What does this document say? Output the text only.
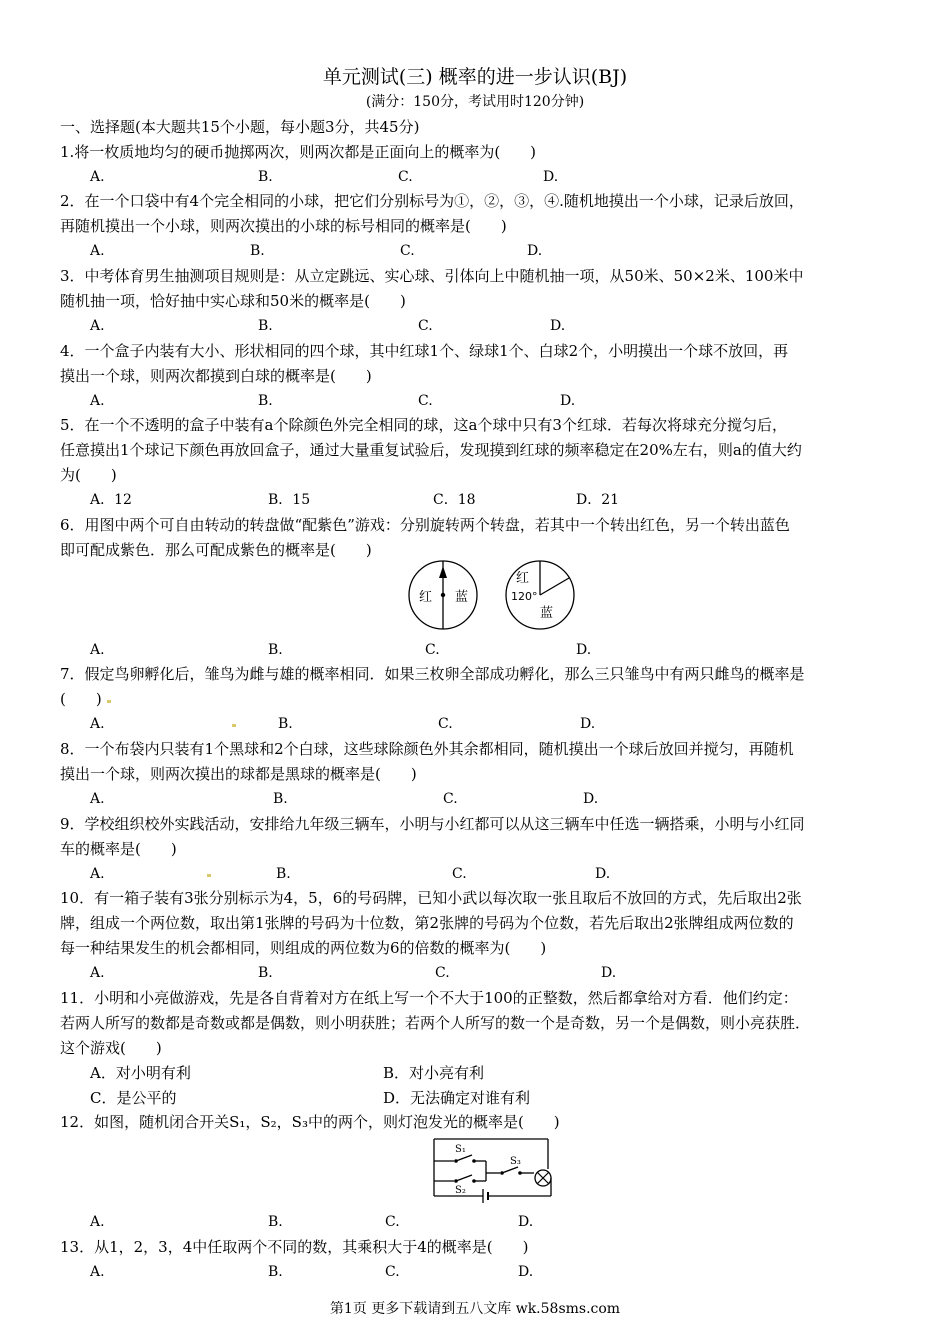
单元测试(三) 概率的进一步认识(BJ)
(满分：150分，考试用时120分钟)
一、选择题(本大题共15个小题，每小题3分，共45分)
1.将一枚质地均匀的硬币抛掷两次，则两次都是正面向上的概率为(　　)
A.	B.	C.	D.
2．在一个口袋中有4个完全相同的小球，把它们分别标号为①，②，③，④.随机地摸出一个小球，记录后放回，
再随机摸出一个小球，则两次摸出的小球的标号相同的概率是(　　)
A.	B.	C.	D.
3．中考体育男生抽测项目规则是：从立定跳远、实心球、引体向上中随机抽一项，从50米、50×2米、100米中
随机抽一项，恰好抽中实心球和50米的概率是(　　)
A.	B.	C.	D.
4．一个盒子内装有大小、形状相同的四个球，其中红球1个、绿球1个、白球2个，小明摸出一个球不放回，再
摸出一个球，则两次都摸到白球的概率是(　　)
A.	B.	C.	D.
5．在一个不透明的盒子中装有a个除颜色外完全相同的球，这a个球中只有3个红球．若每次将球充分搅匀后，
任意摸出1个球记下颜色再放回盒子，通过大量重复试验后，发现摸到红球的频率稳定在20%左右，则a的值大约
为(　　)
A．12	B．15	C．18	D．21
6．用图中两个可自由转动的转盘做“配紫色”游戏：分别旋转两个转盘，若其中一个转出红色，另一个转出蓝色
即可配成紫色．那么可配成紫色的概率是(　　)
红 蓝
红
120°
蓝
A.	B.	C.	D.
7．假定鸟卵孵化后，雏鸟为雌与雄的概率相同．如果三枚卵全部成功孵化，那么三只雏鸟中有两只雌鸟的概率是
(　　)
A.	B.	C.	D.
8．一个布袋内只装有1个黑球和2个白球，这些球除颜色外其余都相同，随机摸出一个球后放回并搅匀，再随机
摸出一个球，则两次摸出的球都是黑球的概率是(　　)
A.	B.	C.	D.
9．学校组织校外实践活动，安排给九年级三辆车，小明与小红都可以从这三辆车中任选一辆搭乘，小明与小红同
车的概率是(　　)
A.	B.	C.	D.
10．有一箱子装有3张分别标示为4，5，6的号码牌，已知小武以每次取一张且取后不放回的方式，先后取出2张
牌，组成一个两位数，取出第1张牌的号码为十位数，第2张牌的号码为个位数，若先后取出2张牌组成两位数的
每一种结果发生的机会都相同，则组成的两位数为6的倍数的概率为(　　)
A.	B.	C.	D.
11．小明和小亮做游戏，先是各自背着对方在纸上写一个不大于100的正整数，然后都拿给对方看．他们约定：
若两人所写的数都是奇数或都是偶数，则小明获胜；若两个人所写的数一个是奇数，另一个是偶数，则小亮获胜．
这个游戏(　　)
A．对小明有利	B．对小亮有利
C．是公平的	D．无法确定对谁有利
12．如图，随机闭合开关S₁，S₂，S₃中的两个，则灯泡发光的概率是(　　)
S₁
S₂
S₃
A.	B.	C.	D.
13．从1，2，3，4中任取两个不同的数，其乘积大于4的概率是(　　)
A.	B.	C.	D.
第1页 更多下载请到五八文库 wk.58sms.com
